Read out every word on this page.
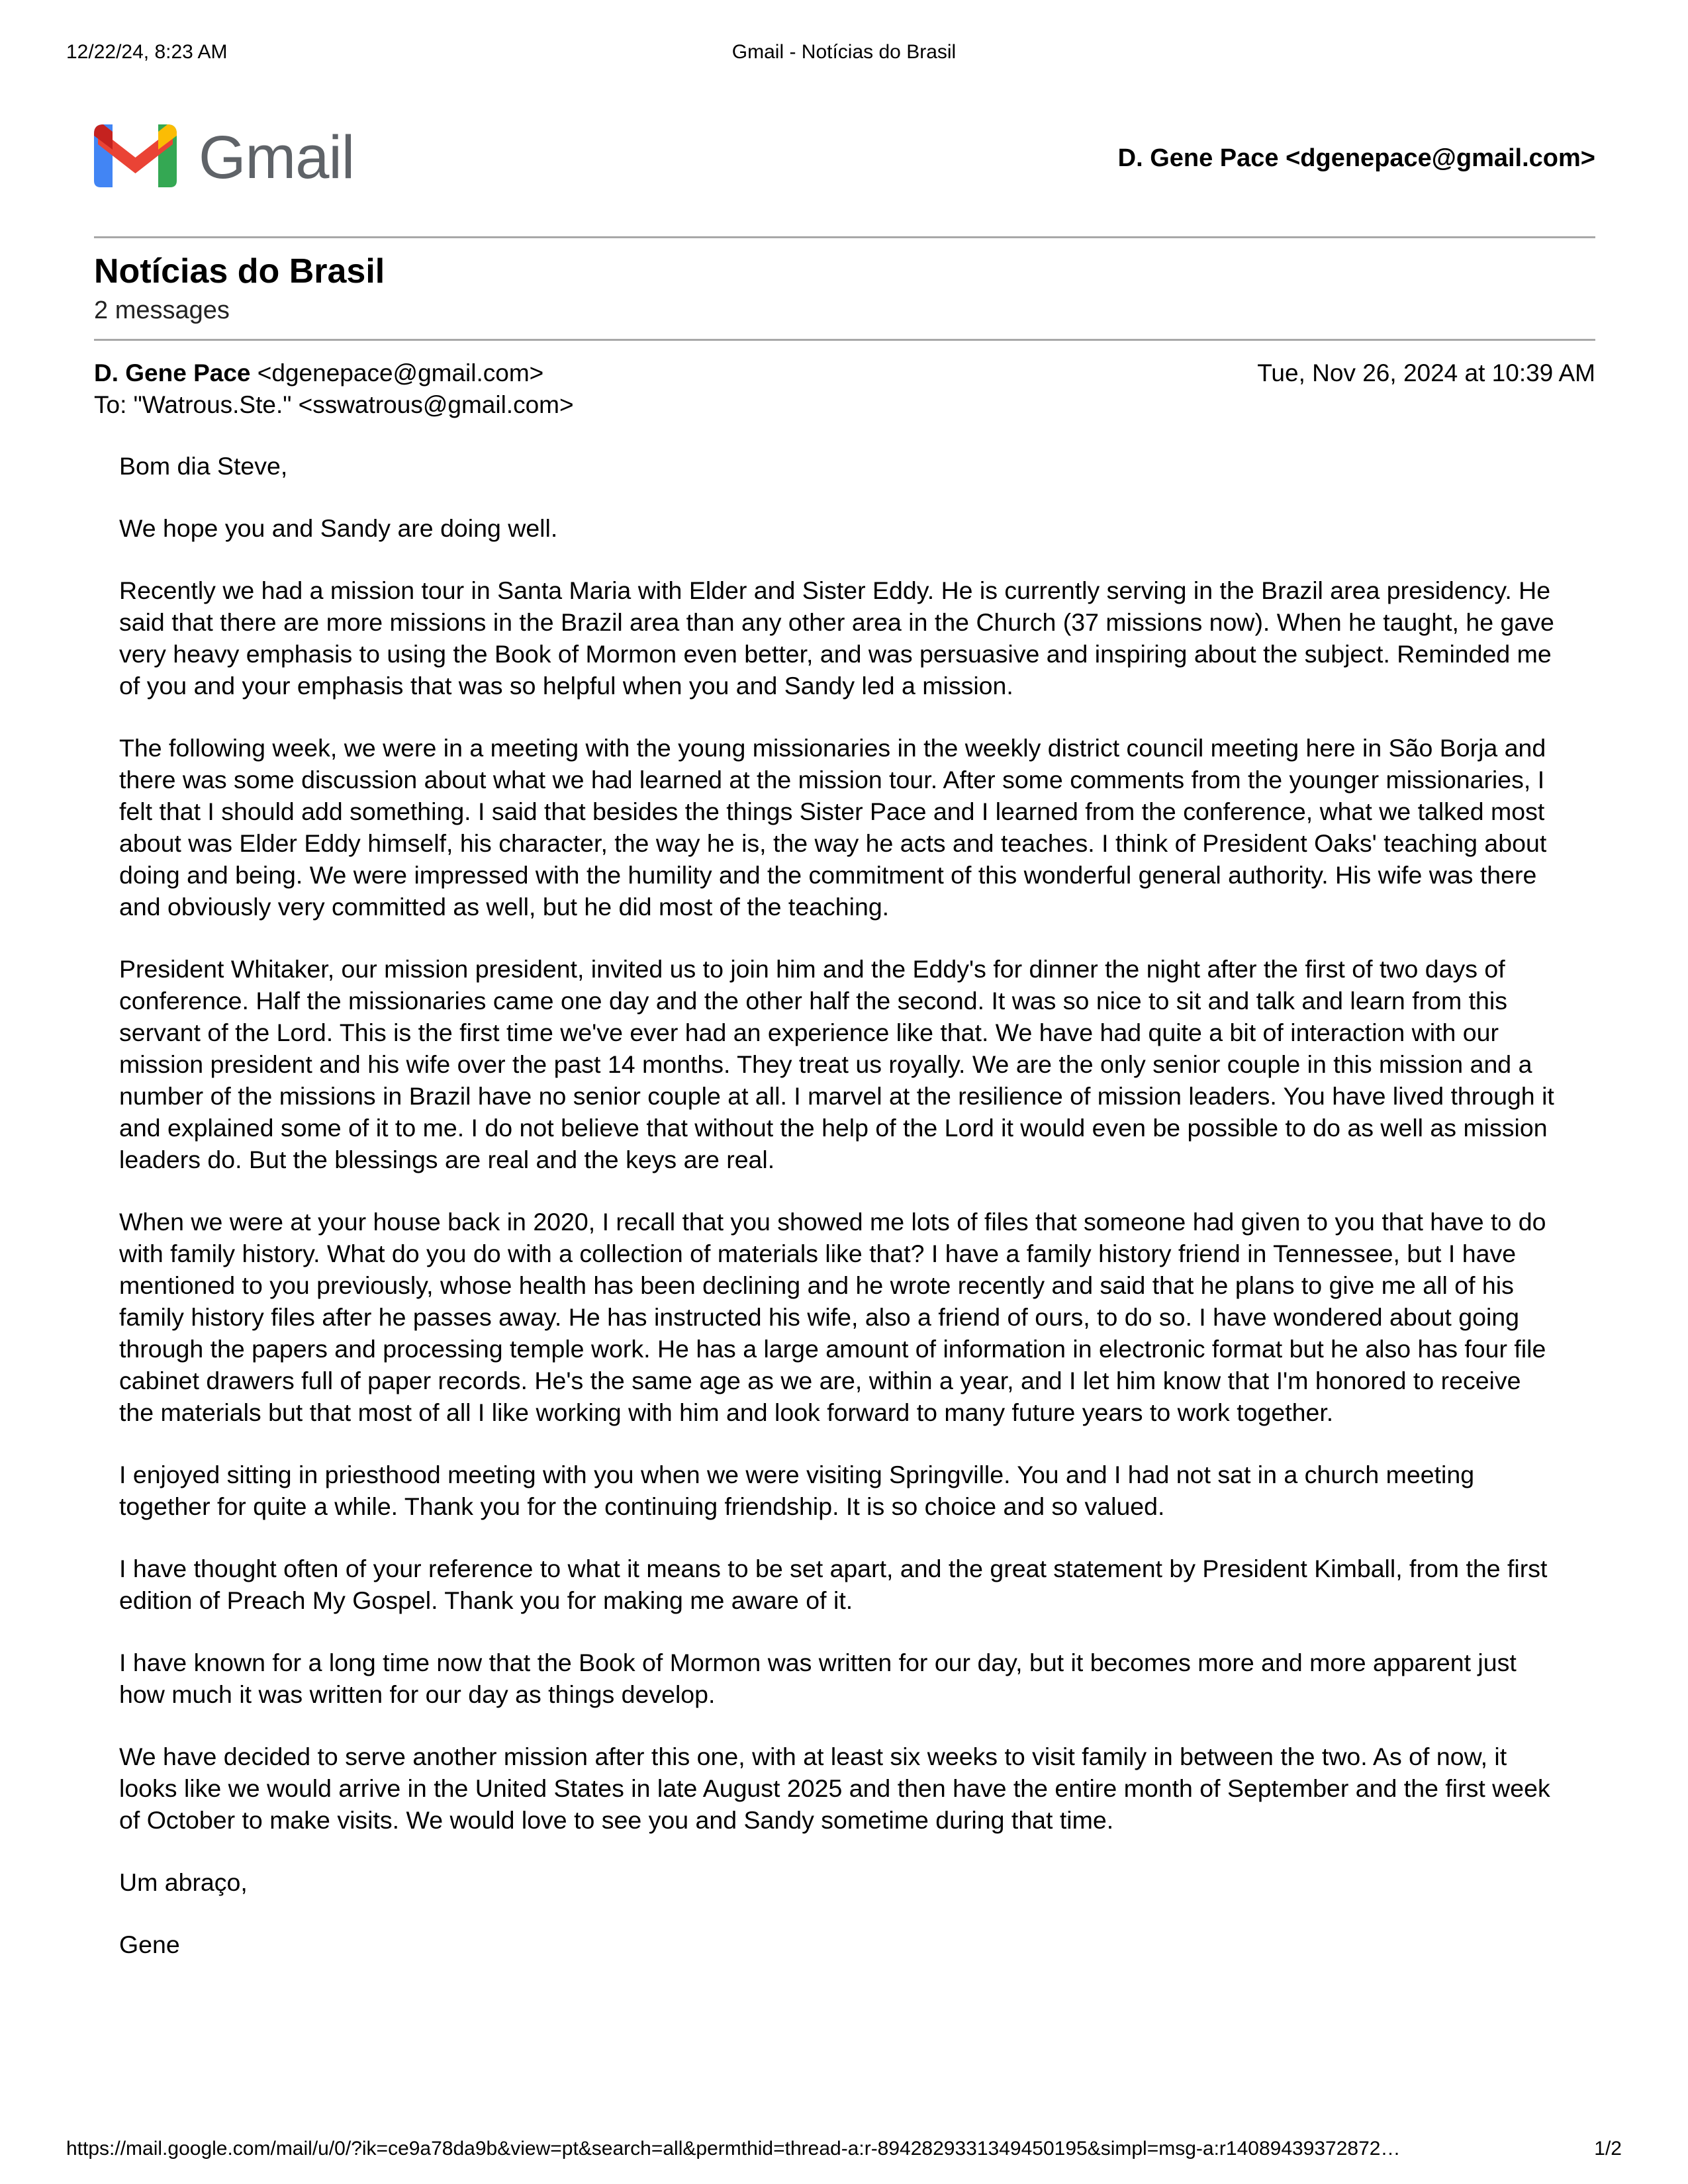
12/22/24, 8:23 AM	Gmail - Notícias do Brasil
Gmail	D. Gene Pace <dgenepace@gmail.com>
Notícias do Brasil
2 messages
D. Gene Pace <dgenepace@gmail.com>
To: "Watrous.Ste." <sswatrous@gmail.com>
Tue, Nov 26, 2024 at 10:39 AM

Bom dia Steve,

We hope you and Sandy are doing well.

Recently we had a mission tour in Santa Maria with Elder and Sister Eddy. He is currently serving in the Brazil area presidency. He said that there are more missions in the Brazil area than any other area in the Church (37 missions now). When he taught, he gave very heavy emphasis to using the Book of Mormon even better, and was persuasive and inspiring about the subject. Reminded me of you and your emphasis that was so helpful when you and Sandy led a mission.

The following week, we were in a meeting with the young missionaries in the weekly district council meeting here in São Borja and there was some discussion about what we had learned at the mission tour. After some comments from the younger missionaries, I felt that I should add something. I said that besides the things Sister Pace and I learned from the conference, what we talked most about was Elder Eddy himself, his character, the way he is, the way he acts and teaches. I think of President Oaks' teaching about doing and being. We were impressed with the humility and the commitment of this wonderful general authority. His wife was there and obviously very committed as well, but he did most of the teaching.

President Whitaker, our mission president, invited us to join him and the Eddy's for dinner the night after the first of two days of conference. Half the missionaries came one day and the other half the second. It was so nice to sit and talk and learn from this servant of the Lord. This is the first time we've ever had an experience like that. We have had quite a bit of interaction with our mission president and his wife over the past 14 months. They treat us royally. We are the only senior couple in this mission and a number of the missions in Brazil have no senior couple at all. I marvel at the resilience of mission leaders. You have lived through it and explained some of it to me. I do not believe that without the help of the Lord it would even be possible to do as well as mission leaders do. But the blessings are real and the keys are real.

When we were at your house back in 2020, I recall that you showed me lots of files that someone had given to you that have to do with family history. What do you do with a collection of materials like that? I have a family history friend in Tennessee, but I have mentioned to you previously, whose health has been declining and he wrote recently and said that he plans to give me all of his family history files after he passes away. He has instructed his wife, also a friend of ours, to do so. I have wondered about going through the papers and processing temple work. He has a large amount of information in electronic format but he also has four file cabinet drawers full of paper records. He's the same age as we are, within a year, and I let him know that I'm honored to receive the materials but that most of all I like working with him and look forward to many future years to work together.

I enjoyed sitting in priesthood meeting with you when we were visiting Springville. You and I had not sat in a church meeting together for quite a while. Thank you for the continuing friendship. It is so choice and so valued.

I have thought often of your reference to what it means to be set apart, and the great statement by President Kimball, from the first edition of Preach My Gospel. Thank you for making me aware of it.

I have known for a long time now that the Book of Mormon was written for our day, but it becomes more and more apparent just how much it was written for our day as things develop.

We have decided to serve another mission after this one, with at least six weeks to visit family in between the two. As of now, it looks like we would arrive in the United States in late August 2025 and then have the entire month of September and the first week of October to make visits. We would love to see you and Sandy sometime during that time.

Um abraço,

Gene

https://mail.google.com/mail/u/0/?ik=ce9a78da9b&view=pt&search=all&permthid=thread-a:r-8942829331349450195&simpl=msg-a:r14089439372872…	1/2
